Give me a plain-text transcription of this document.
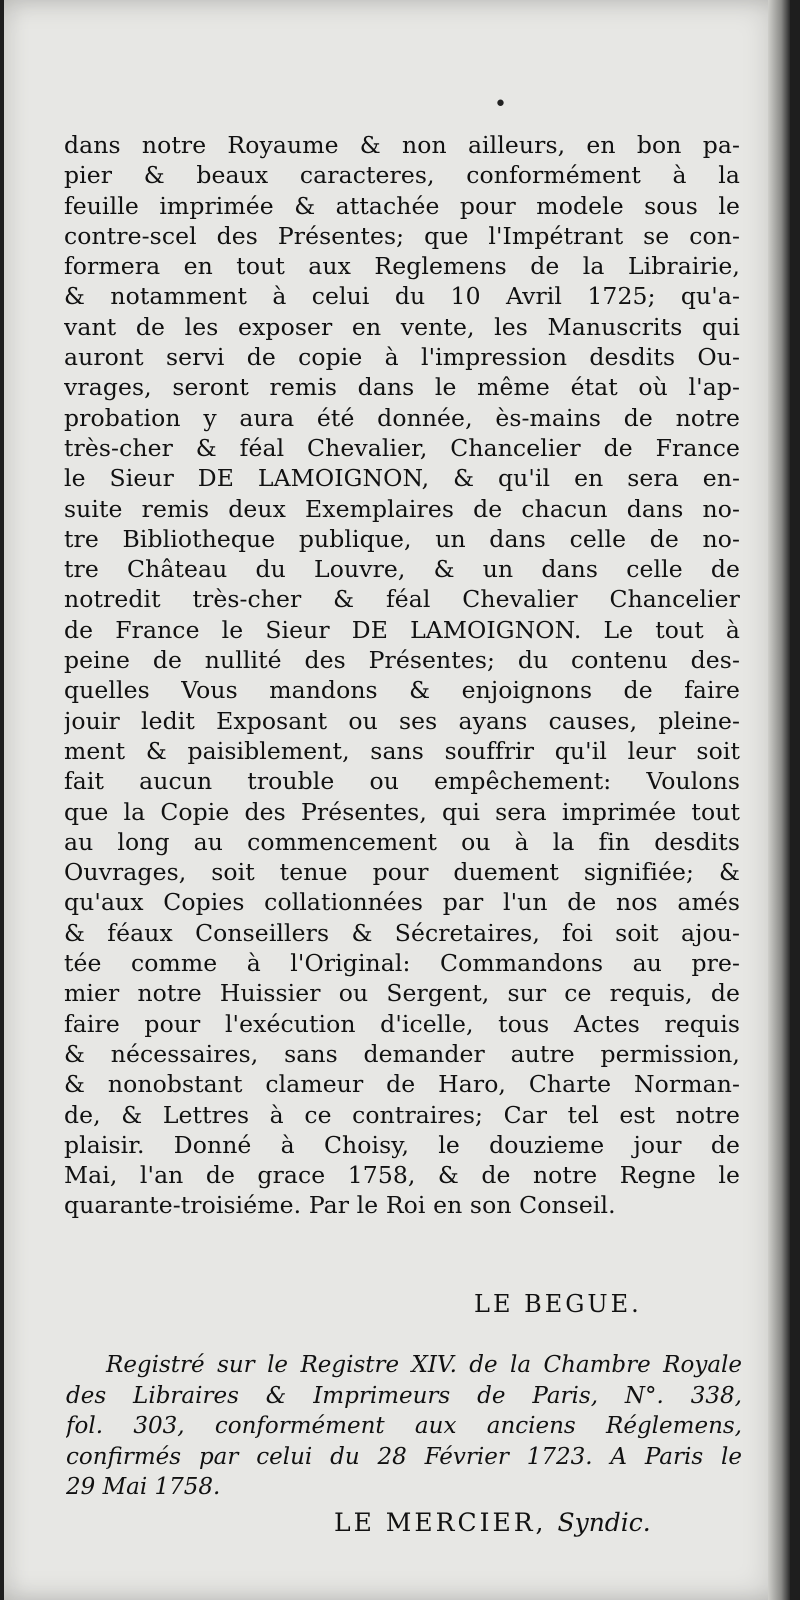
•
dans notre Royaume & non ailleurs, en bon pa-
pier & beaux caracteres, conformément à la
feuille imprimée & attachée pour modele sous le
contre-scel des Présentes; que l'Impétrant se con-
formera en tout aux Reglemens de la Librairie,
& notamment à celui du 10 Avril 1725; qu'a-
vant de les exposer en vente, les Manuscrits qui
auront servi de copie à l'impression desdits Ou-
vrages, seront remis dans le même état où l'ap-
probation y aura été donnée, ès-mains de notre
très-cher & féal Chevalier, Chancelier de France
le Sieur DE LAMOIGNON, & qu'il en sera en-
suite remis deux Exemplaires de chacun dans no-
tre Bibliotheque publique, un dans celle de no-
tre Château du Louvre, & un dans celle de
notredit très-cher & féal Chevalier Chancelier
de France le Sieur DE LAMOIGNON. Le tout à
peine de nullité des Présentes; du contenu des-
quelles Vous mandons & enjoignons de faire
jouir ledit Exposant ou ses ayans causes, pleine-
ment & paisiblement, sans souffrir qu'il leur soit
fait aucun trouble ou empêchement: Voulons
que la Copie des Présentes, qui sera imprimée tout
au long au commencement ou à la fin desdits
Ouvrages, soit tenue pour duement signifiée; &
qu'aux Copies collationnées par l'un de nos amés
& féaux Conseillers & Sécretaires, foi soit ajou-
tée comme à l'Original: Commandons au pre-
mier notre Huissier ou Sergent, sur ce requis, de
faire pour l'exécution d'icelle, tous Actes requis
& nécessaires, sans demander autre permission,
& nonobstant clameur de Haro, Charte Norman-
de, & Lettres à ce contraires; Car tel est notre
plaisir. Donné à Choisy, le douzieme jour de
Mai, l'an de grace 1758, & de notre Regne le
quarante-troisiéme. Par le Roi en son Conseil.
LE BEGUE.
Registré sur le Registre XIV. de la Chambre Royale
des Libraires & Imprimeurs de Paris, N°. 338,
fol. 303, conformément aux anciens Réglemens,
confirmés par celui du 28 Février 1723. A Paris le
29 Mai 1758.
LE MERCIER, Syndic.
